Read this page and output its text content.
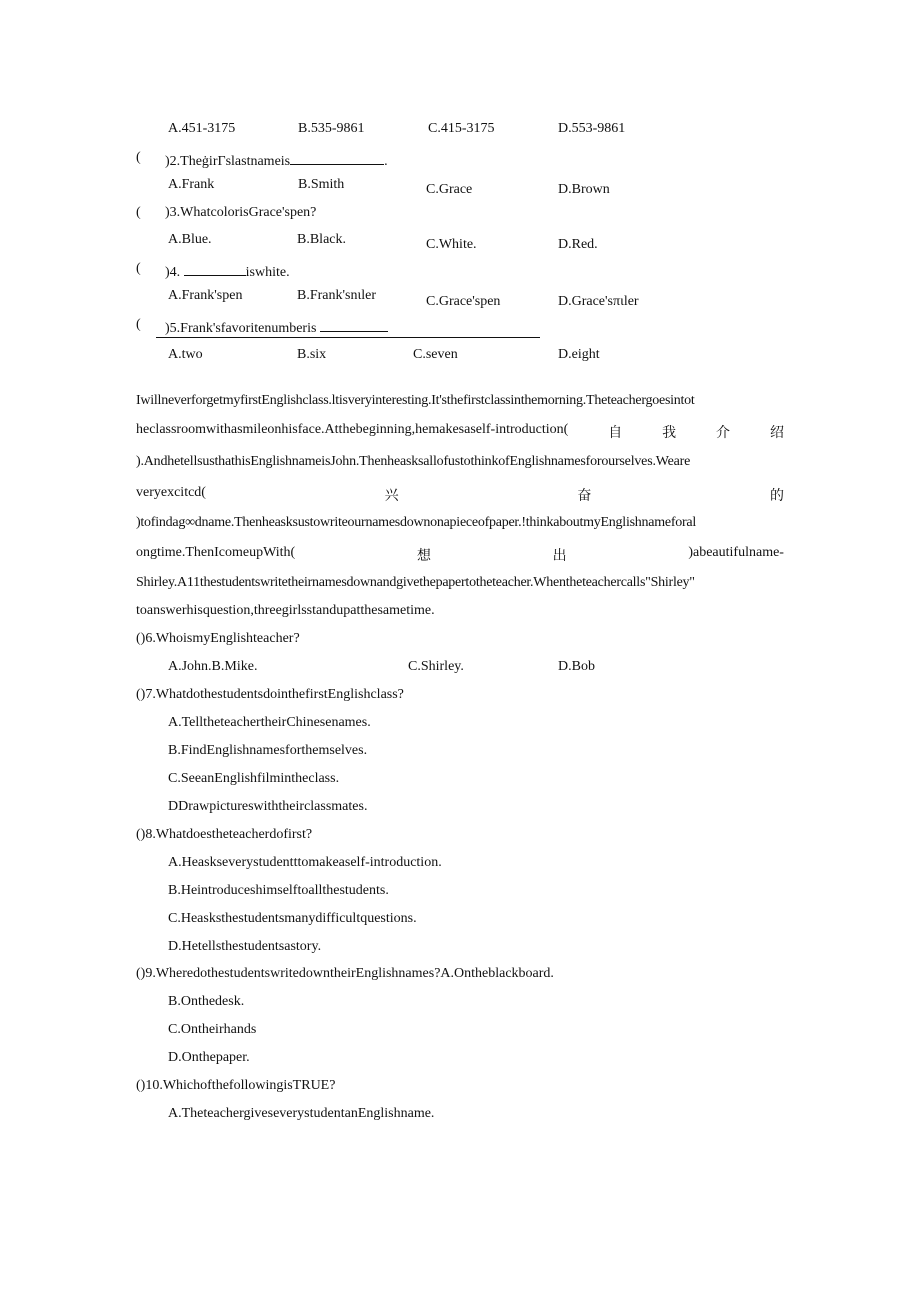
A.451-3175	B.535-9861	C.415-3175	D.553-9861
( )2.TheġirΓslastnameis	.
A.Frank	B.Smith	C.Grace	D.Brown
( )3.WhatcolorisGrace'spen?
A.Blue.	B.Black.	C.White.	D.Red.
( )4.	iswhite.
A.Frank'spen	B.Frank'snιler	C.Grace'spen	D.Grace'sπιler
( )5.Frank'sfavoritenumberis
A.two	B.six	C.seven	D.eight
IwillneverforgetmyfirstEnglishclass.ltisveryinteresting.It'sthefirstclassinthemorning.Theteachergoesintot
heclassroomwithasmileonhisface.Atthebeginning,hemakesaself-introduction(	自	我	介	绍
).AndhetellsusthathisEnglishnameisJohn.ThenheasksallofustothinkofEnglishnamesforourselves.Weare
veryexcitcd(	兴	奋	的
)tofindag∞dname.Thenheasksustowriteournamesdownonapieceofpaper.!thinkaboutmyEnglishnameforal
ongtime.ThenIcomeupWith(	想	出	)abeautifulname-
Shirley.A11thestudentswritetheirnamesdownandgivethepapertotheteacher.Whentheteachercalls"Shirley"
toanswerhisquestion,threegirlsstandupatthesametime.
()6.WhoismyEnglishteacher?
A.John.B.Mike.	C.Shirley.	D.Bob
()7.WhatdothestudentsdointhefirstEnglishclass?
A.TelltheteachertheirChinesenames.
B.FindEnglishnamesforthemselves.
C.SeeanEnglishfilmintheclass.
DDrawpictureswiththeirclassmates.
()8.Whatdoestheteacherdofirst?
A.Heaskseverystudentttomakeaself-introduction.
B.Heintroduceshimselftoallthestudents.
C.Heasksthestudentsmanydifficultquestions.
D.Hetellsthestudentsastory.
()9.WheredothestudentswritedowntheirEnglishnames?A.Ontheblackboard.
B.Onthedesk.
C.Ontheirhands
D.Onthepaper.
()10.WhichofthefollowingisTRUE?
A.TheteachergiveseverystudentanEnglishname.
